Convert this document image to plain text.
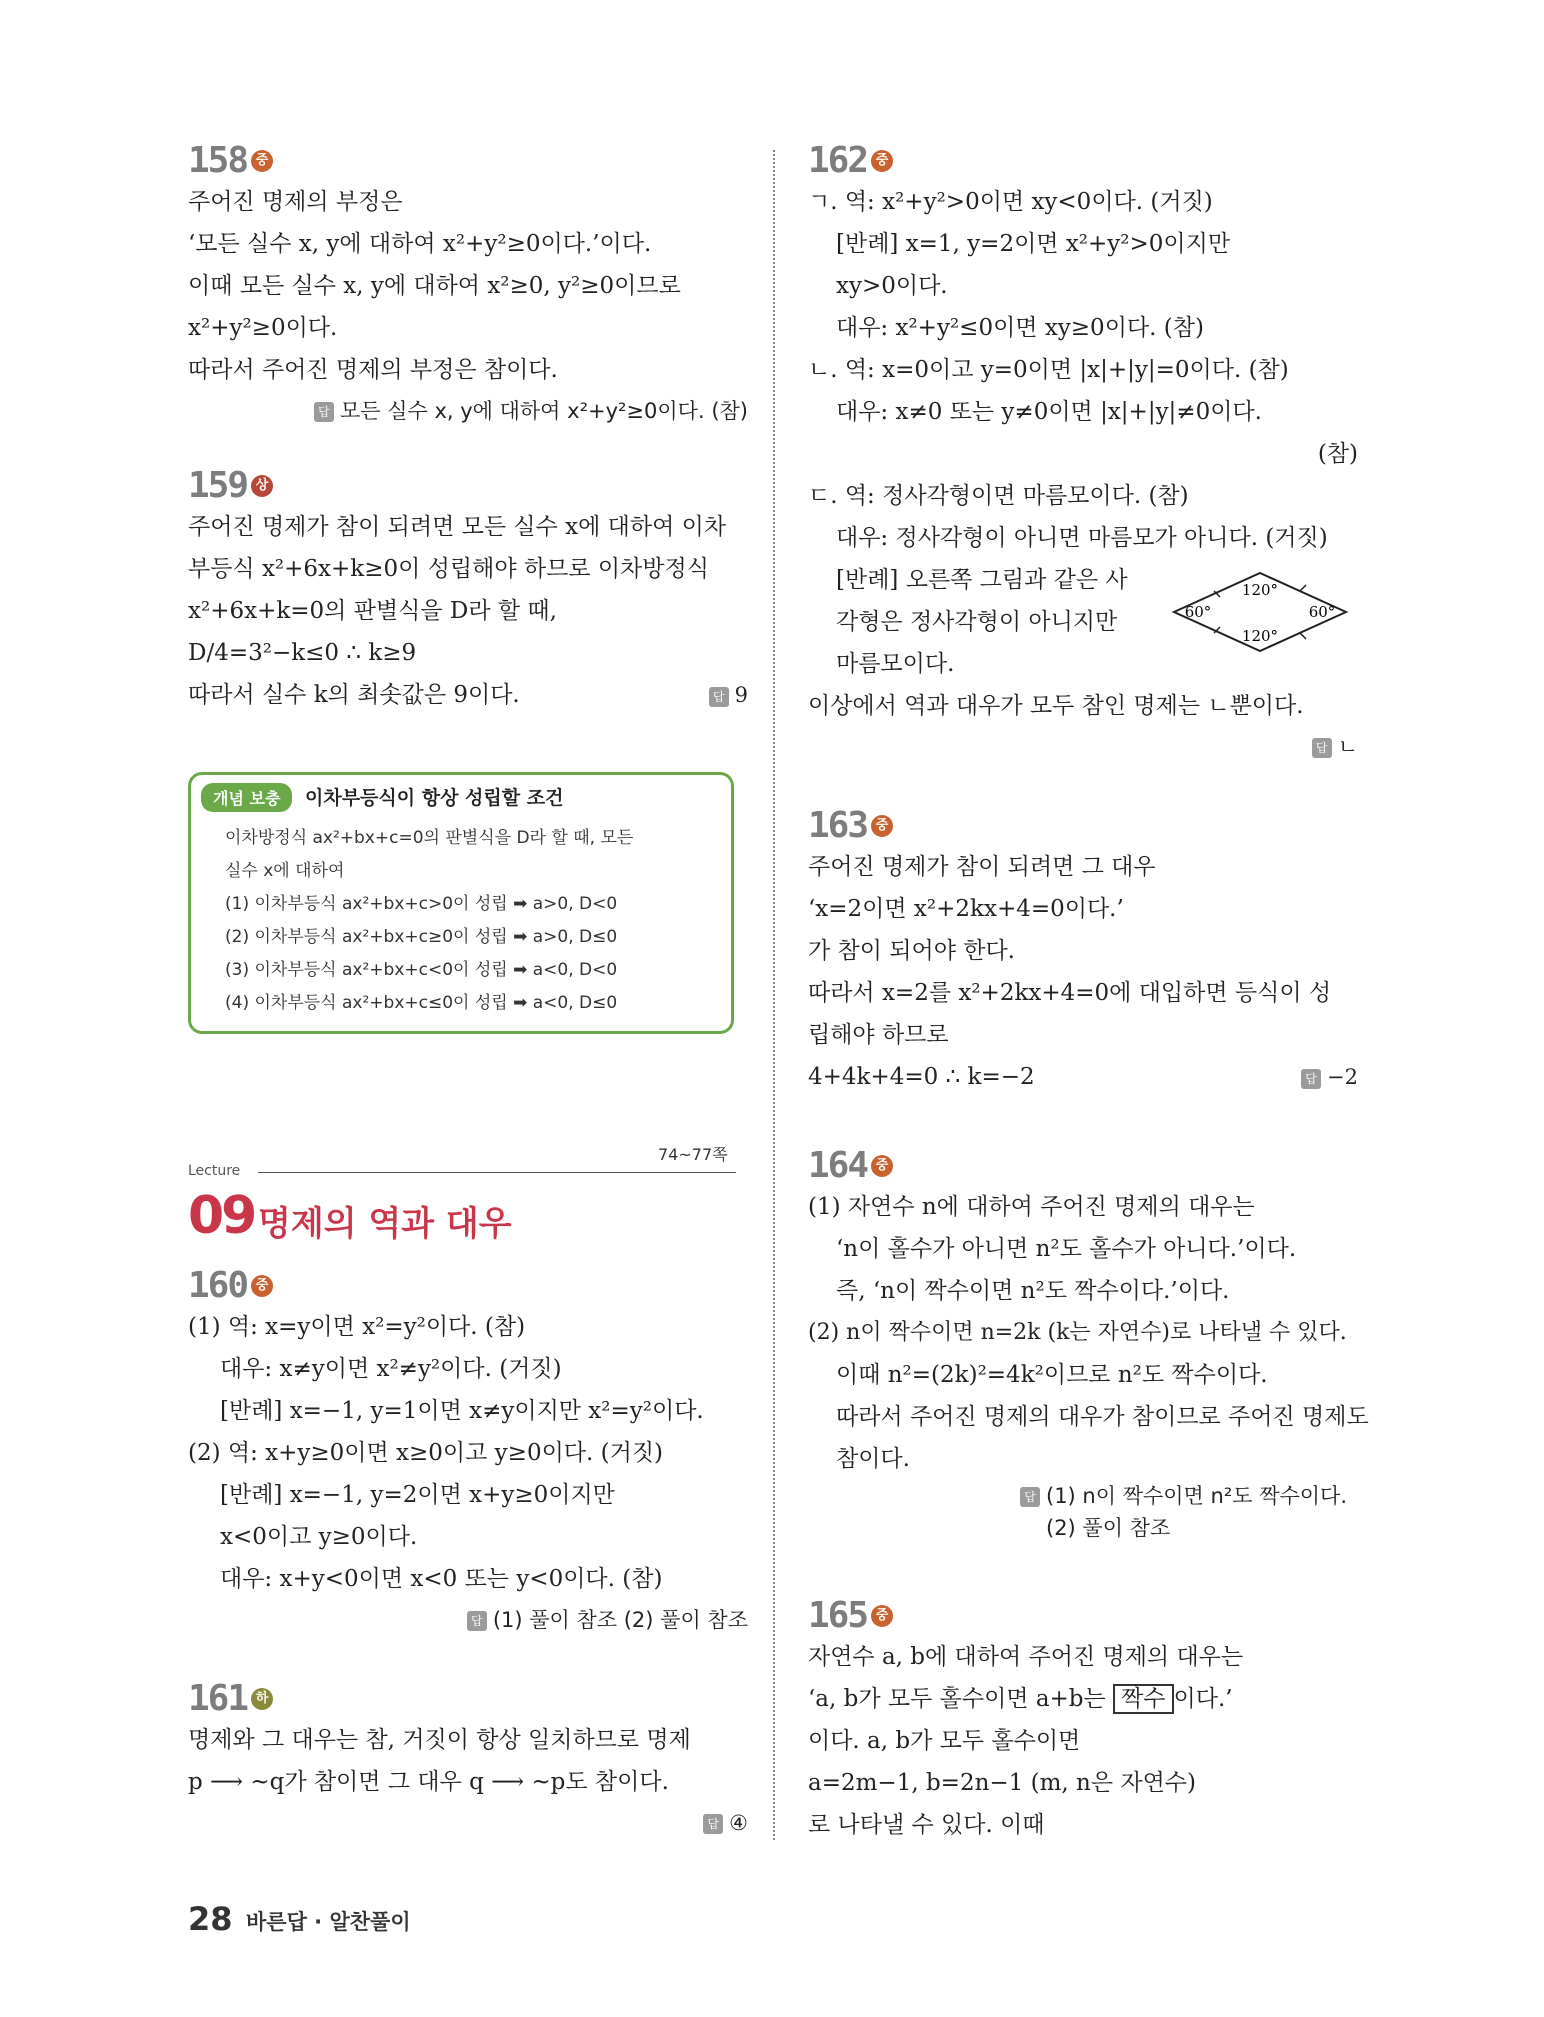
158 중
주어진 명제의 부정은
‘모든 실수 x, y에 대하여 x²+y²≥0이다.’이다.
이때 모든 실수 x, y에 대하여 x²≥0, y²≥0이므로
x²+y²≥0이다.
따라서 주어진 명제의 부정은 참이다.
답 모든 실수 x, y에 대하여 x²+y²≥0이다. (참)
159 상
주어진 명제가 참이 되려면 모든 실수 x에 대하여 이차
부등식 x²+6x+k≥0이 성립해야 하므로 이차방정식
x²+6x+k=0의 판별식을 D라 할 때,
D/4=3²−k≤0 ∴ k≥9
따라서 실수 k의 최솟값은 9이다.	답 9
개념 보충	이차부등식이 항상 성립할 조건
이차방정식 ax²+bx+c=0의 판별식을 D라 할 때, 모든
실수 x에 대하여
(1) 이차부등식 ax²+bx+c>0이 성립 ➡ a>0, D<0
(2) 이차부등식 ax²+bx+c≥0이 성립 ➡ a>0, D≤0
(3) 이차부등식 ax²+bx+c<0이 성립 ➡ a<0, D<0
(4) 이차부등식 ax²+bx+c≤0이 성립 ➡ a<0, D≤0
Lecture
74~77쪽
09 명제의 역과 대우
160 중
(1) 역: x=y이면 x²=y²이다. (참)
대우: x≠y이면 x²≠y²이다. (거짓)
[반례] x=−1, y=1이면 x≠y이지만 x²=y²이다.
(2) 역: x+y≥0이면 x≥0이고 y≥0이다. (거짓)
[반례] x=−1, y=2이면 x+y≥0이지만
x<0이고 y≥0이다.
대우: x+y<0이면 x<0 또는 y<0이다. (참)
답 (1) 풀이 참조 (2) 풀이 참조
161 하
명제와 그 대우는 참, 거짓이 항상 일치하므로 명제
p ⟶ ~q가 참이면 그 대우 q ⟶ ~p도 참이다.
답 ④
162 중
ㄱ. 역: x²+y²>0이면 xy<0이다. (거짓)
[반례] x=1, y=2이면 x²+y²>0이지만
xy>0이다.
대우: x²+y²≤0이면 xy≥0이다. (참)
ㄴ. 역: x=0이고 y=0이면 |x|+|y|=0이다. (참)
대우: x≠0 또는 y≠0이면 |x|+|y|≠0이다.
(참)
ㄷ. 역: 정사각형이면 마름모이다. (참)
대우: 정사각형이 아니면 마름모가 아니다. (거짓)
[반례] 오른쪽 그림과 같은 사
각형은 정사각형이 아니지만
마름모이다.
120°
60°	60°
120°
이상에서 역과 대우가 모두 참인 명제는 ㄴ뿐이다.
답 ㄴ
163 중
주어진 명제가 참이 되려면 그 대우
‘x=2이면 x²+2kx+4=0이다.’
가 참이 되어야 한다.
따라서 x=2를 x²+2kx+4=0에 대입하면 등식이 성
립해야 하므로
4+4k+4=0 ∴ k=−2	답 −2
164 중
(1) 자연수 n에 대하여 주어진 명제의 대우는
‘n이 홀수가 아니면 n²도 홀수가 아니다.’이다.
즉, ‘n이 짝수이면 n²도 짝수이다.’이다.
(2) n이 짝수이면 n=2k (k는 자연수)로 나타낼 수 있다.
이때 n²=(2k)²=4k²이므로 n²도 짝수이다.
따라서 주어진 명제의 대우가 참이므로 주어진 명제도
참이다.
답 (1) n이 짝수이면 n²도 짝수이다.
(2) 풀이 참조
165 중
자연수 a, b에 대하여 주어진 명제의 대우는
‘a, b가 모두 홀수이면 a+b는 짝수 이다.’
이다. a, b가 모두 홀수이면
a=2m−1, b=2n−1 (m, n은 자연수)
로 나타낼 수 있다. 이때
28 바른답 · 알찬풀이
